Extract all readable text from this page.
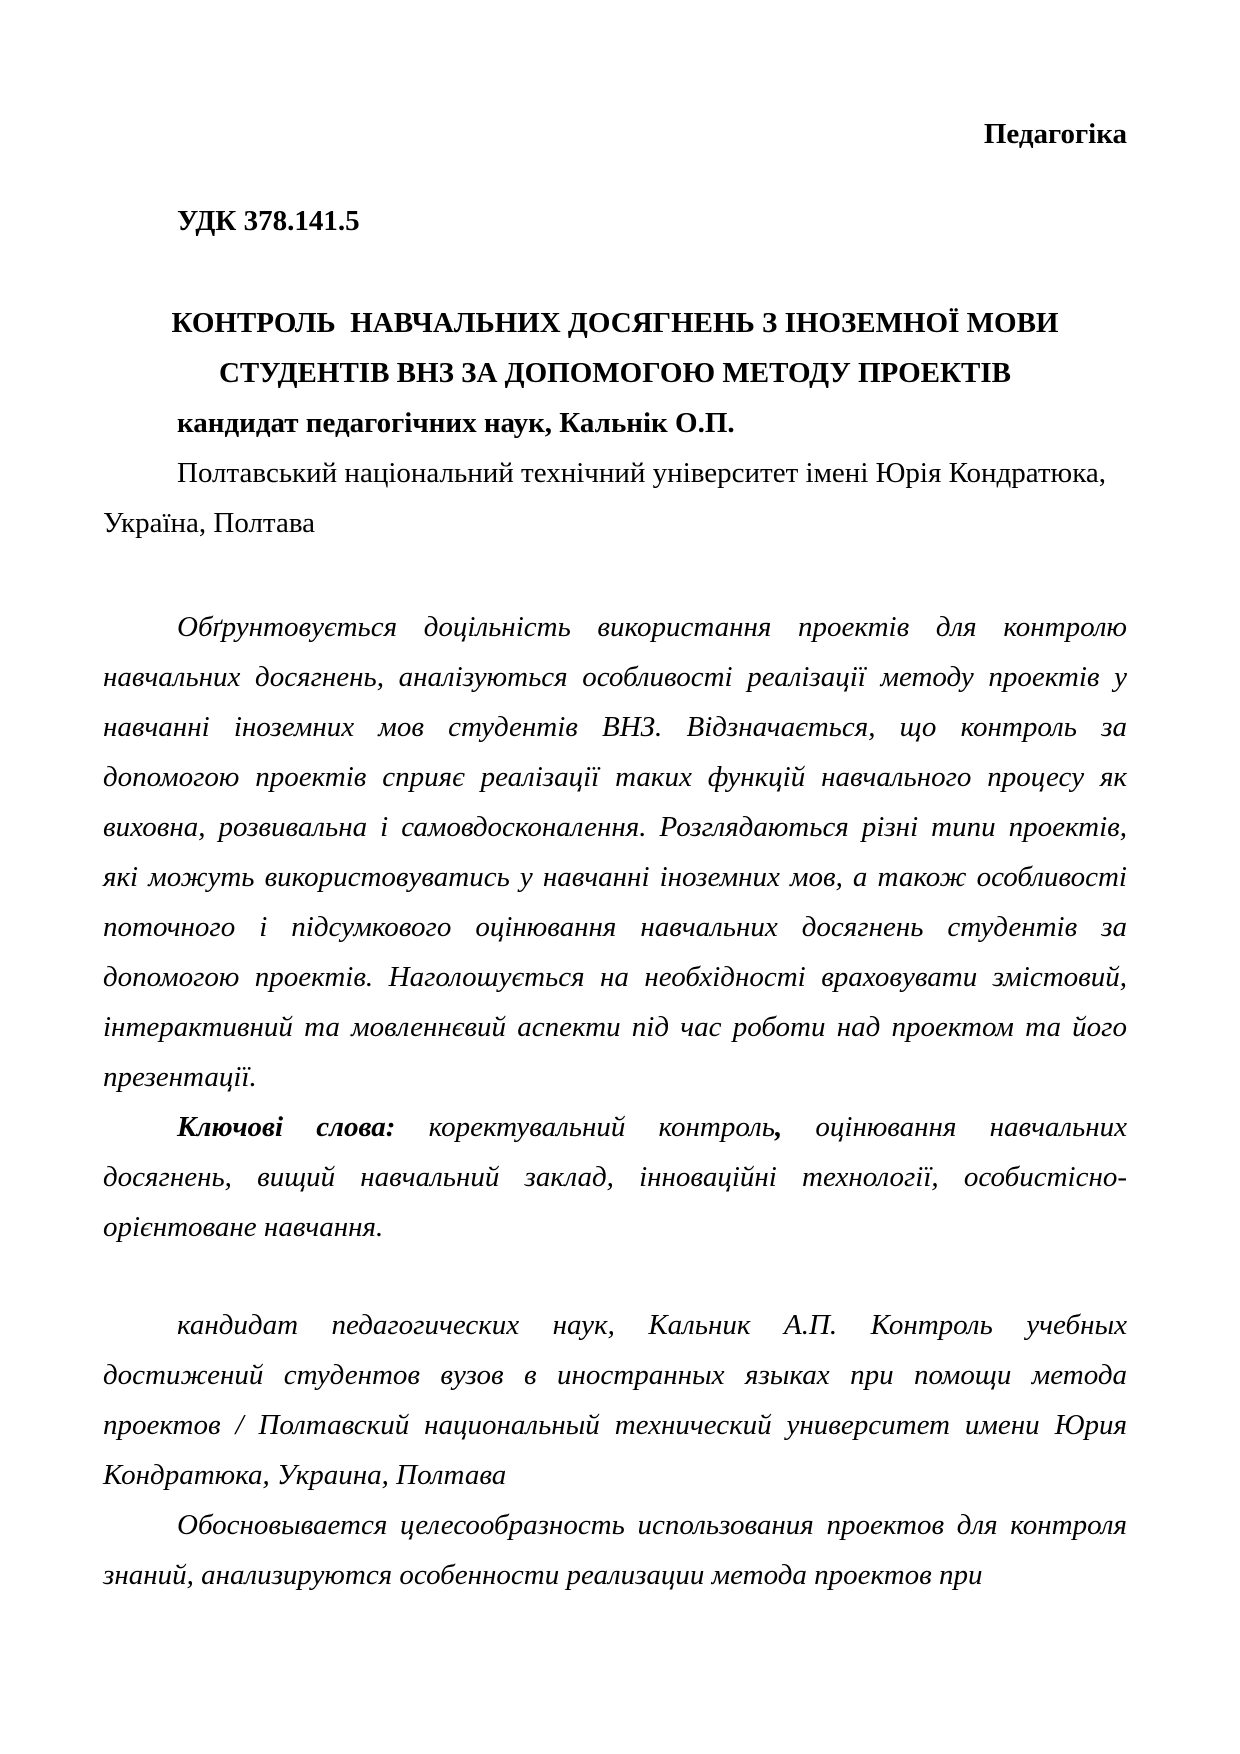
Педагогіка

УДК 378.141.5

КОНТРОЛЬ  НАВЧАЛЬНИХ ДОСЯГНЕНЬ З ІНОЗЕМНОЇ МОВИ
СТУДЕНТІВ ВНЗ ЗА ДОПОМОГОЮ МЕТОДУ ПРОЕКТІВ

кандидат педагогічних наук, Кальнік О.П.

Полтавський національний технічний університет імені Юрія Кондратюка, Україна, Полтава

Обґрунтовується доцільність використання проектів для контролю навчальних досягнень, аналізуються особливості реалізації методу проектів у навчанні іноземних мов студентів ВНЗ. Відзначається, що контроль за допомогою проектів сприяє реалізації таких функцій навчального процесу як виховна, розвивальна і самовдосконалення. Розглядаються різні типи проектів, які можуть використовуватись у навчанні іноземних мов, а також особливості поточного і підсумкового оцінювання навчальних досягнень студентів за допомогою проектів. Наголошується на необхідності враховувати змістовий, інтерактивний та мовленнєвий аспекти під час роботи над проектом та його презентації.

Ключові слова: коректувальний контроль, оцінювання навчальних досягнень, вищий навчальний заклад, інноваційні технології, особистісно-орієнтоване навчання.

кандидат педагогических наук, Кальник А.П. Контроль учебных достижений студентов вузов в иностранных языках при помощи метода проектов / Полтавский национальный технический университет имени Юрия Кондратюка, Украина, Полтава

Обосновывается целесообразность использования проектов для контроля знаний, анализируются особенности реализации метода проектов при
